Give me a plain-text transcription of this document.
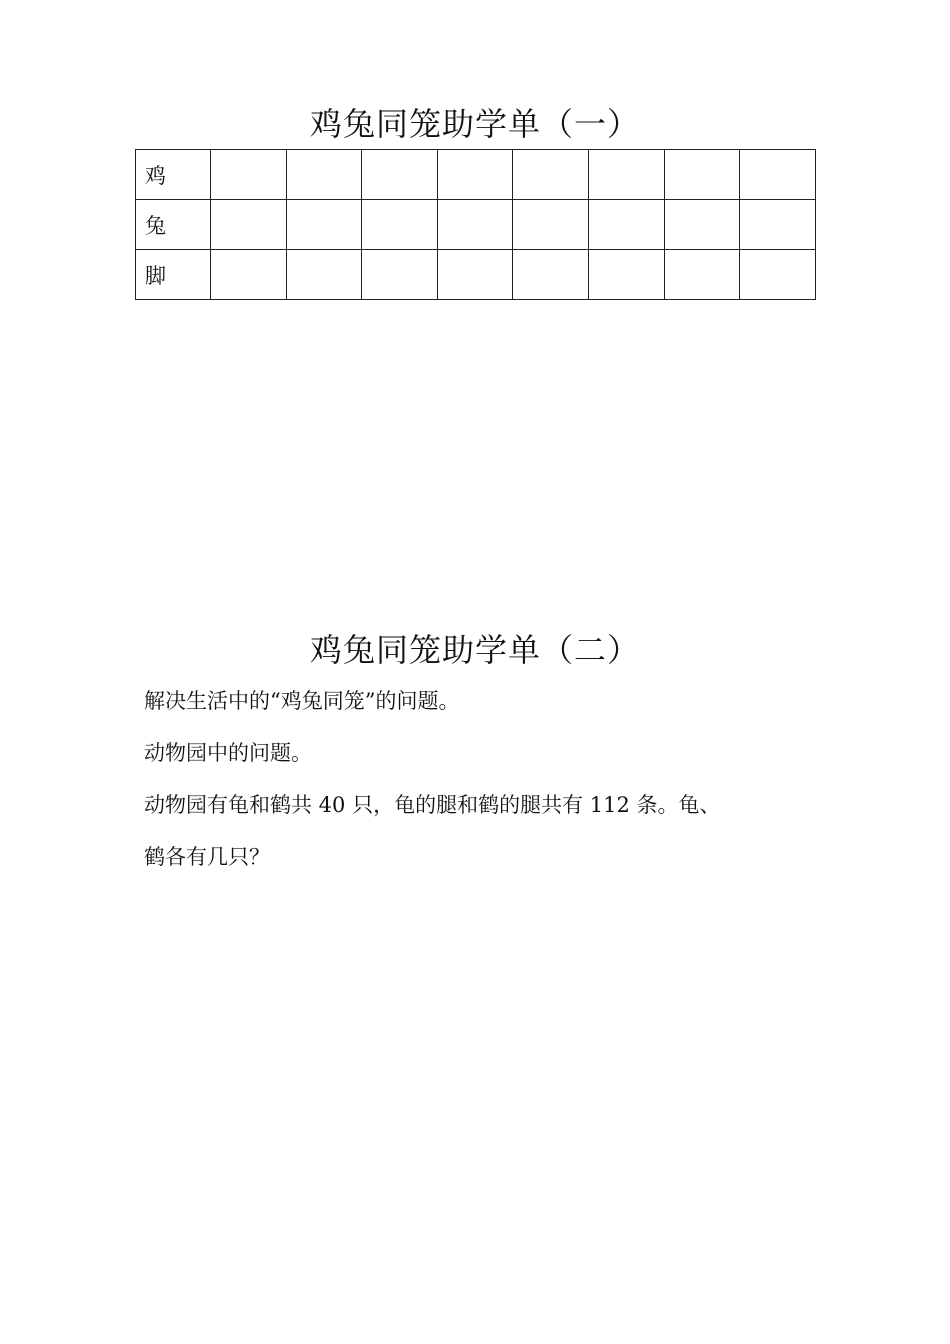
鸡兔同笼助学单（一）
鸡								
兔								
脚								
鸡兔同笼助学单（二）

解决生活中的“鸡兔同笼”的问题。

动物园中的问题。

动物园有龟和鹤共 40 只，龟的腿和鹤的腿共有 112 条。龟、

鹤各有几只？
